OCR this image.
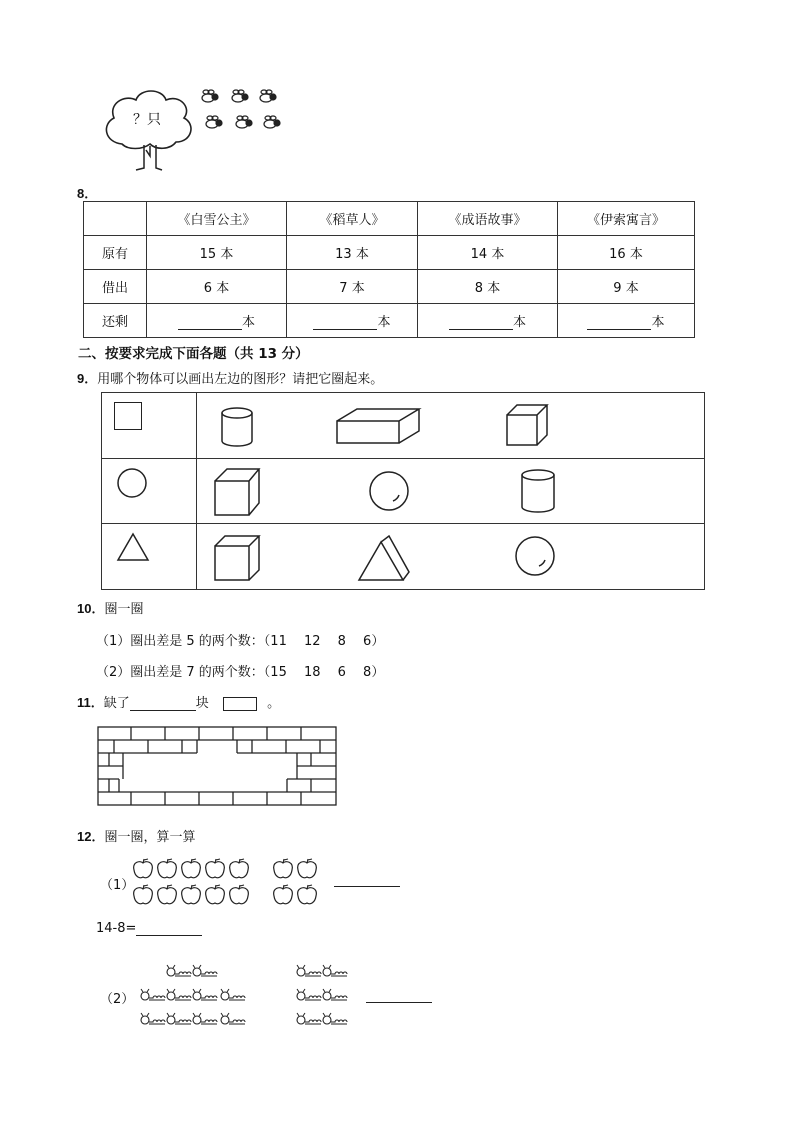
？只
8．
	《白雪公主》	《稻草人》	《成语故事》	《伊索寓言》
原有	15 本	13 本	14 本	16 本
借出	6 本	7 本	8 本	9 本
还剩	本	本	本	本
二、按要求完成下面各题（共 13 分）
9．用哪个物体可以画出左边的图形？请把它圈起来。

10．圈一圈
（1）圈出差是 5 的两个数：（11　 12　 8　 6）
（2）圈出差是 7 的两个数：（15　 18　 6　 8）
11．缺了	块	。
12．圈一圈，算一算
（1）
14-8=
（2）
